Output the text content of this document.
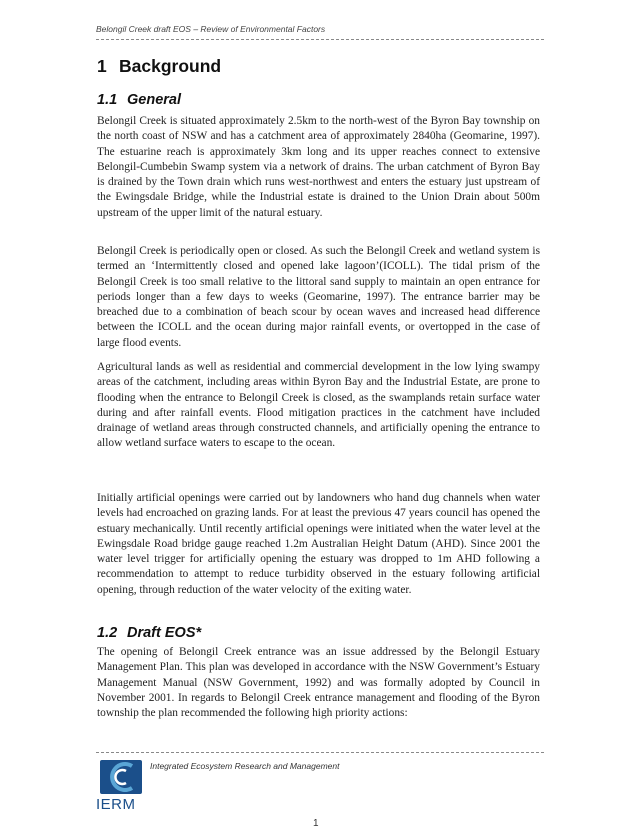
Belongil Creek draft EOS – Review of Environmental Factors
1 Background
1.1 General

Belongil Creek is situated approximately 2.5km to the north-west of the Byron Bay township on the north coast of NSW and has a catchment area of approximately 2840ha (Geomarine, 1997). The estuarine reach is approximately 3km long and its upper reaches connect to extensive Belongil-Cumbebin Swamp system via a network of drains. The urban catchment of Byron Bay is drained by the Town drain which runs west-northwest and enters the estuary just upstream of the Ewingsdale Bridge, while the Industrial estate is drained to the Union Drain about 500m upstream of the upper limit of the natural estuary.

Belongil Creek is periodically open or closed. As such the Belongil Creek and wetland system is termed an ‘Intermittently closed and opened lake lagoon’(ICOLL). The tidal prism of the Belongil Creek is too small relative to the littoral sand supply to maintain an open entrance for periods longer than a few days to weeks (Geomarine, 1997). The entrance barrier may be breached due to a combination of beach scour by ocean waves and increased head difference between the ICOLL and the ocean during major rainfall events, or overtopped in the case of large flood events.

Agricultural lands as well as residential and commercial development in the low lying swampy areas of the catchment, including areas within Byron Bay and the Industrial Estate, are prone to flooding when the entrance to Belongil Creek is closed, as the swamplands retain surface water during and after rainfall events. Flood mitigation practices in the catchment have included drainage of wetland areas through constructed channels, and artificially opening the entrance to allow wetland surface waters to escape to the ocean.

Initially artificial openings were carried out by landowners who hand dug channels when water levels had encroached on grazing lands. For at least the previous 47 years council has opened the estuary mechanically. Until recently artificial openings were initiated when the water level at the Ewingsdale Road bridge gauge reached 1.2m Australian Height Datum (AHD). Since 2001 the water level trigger for artificially opening the estuary was dropped to 1m AHD following a recommendation to attempt to reduce turbidity observed in the estuary following artificial opening, through reduction of the water velocity of the exiting water.

1.2 Draft EOS*

The opening of Belongil Creek entrance was an issue addressed by the Belongil Estuary Management Plan. This plan was developed in accordance with the NSW Government’s Estuary Management Manual (NSW Government, 1992) and was formally adopted by Council in November 2001. In regards to Belongil Creek entrance management and flooding of the Byron township the plan recommended the following high priority actions:

IERM
Integrated Ecosystem Research and Management
1
